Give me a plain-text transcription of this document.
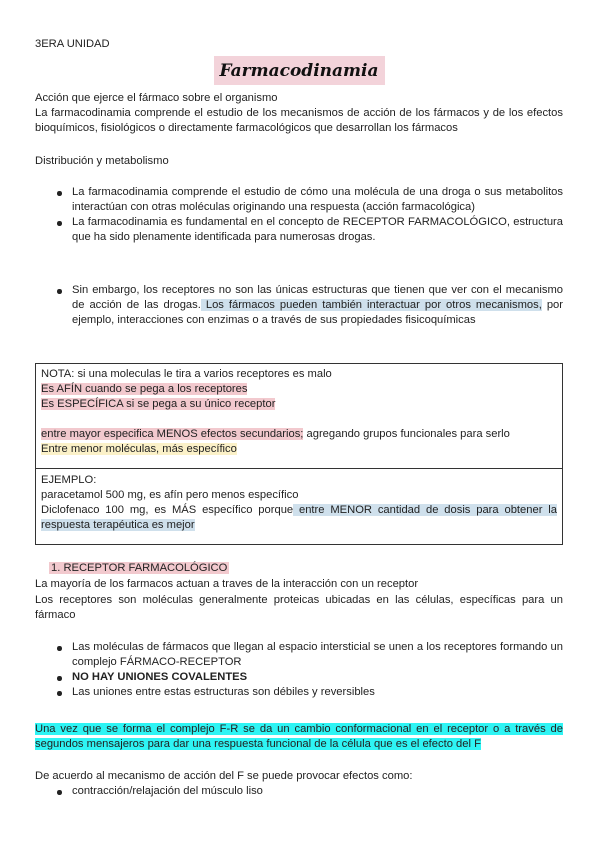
3ERA UNIDAD
Farmacodinamia
Acción que ejerce el fármaco sobre el organismo
La farmacodinamia comprende el estudio de los mecanismos de acción de los fármacos y de los efectos bioquímicos, fisiológicos o directamente farmacológicos que desarrollan los fármacos
Distribución y metabolismo
La farmacodinamia comprende el estudio de cómo una molécula de una droga o sus metabolitos interactúan con otras moléculas originando una respuesta (acción farmacológica)
La farmacodinamia es fundamental en el concepto de RECEPTOR FARMACOLÓGICO, estructura que ha sido plenamente identificada para numerosas drogas.
Sin embargo, los receptores no son las únicas estructuras que tienen que ver con el mecanismo de acción de las drogas. Los fármacos pueden también interactuar por otros mecanismos, por ejemplo, interacciones con enzimas o a través de sus propiedades fisicoquímicas
NOTA: si una moleculas le tira a varios receptores es malo
Es AFÍN cuando se pega a los receptores
Es ESPECÍFICA si se pega a su único receptor
entre mayor especifica MENOS efectos secundarios; agregando grupos funcionales para serlo
Entre menor moléculas, más específico
EJEMPLO:
paracetamol 500 mg, es afín pero menos específico
Diclofenaco 100 mg, es MÁS específico porque entre MENOR cantidad de dosis para obtener la respuesta terapéutica es mejor
1. RECEPTOR FARMACOLÓGICO
La mayoría de los farmacos actuan a traves de la interacción con un receptor
Los receptores son moléculas generalmente proteicas ubicadas en las células, específicas para un fármaco
Las moléculas de fármacos que llegan al espacio intersticial se unen a los receptores formando un complejo FÁRMACO-RECEPTOR
NO HAY UNIONES COVALENTES
Las uniones entre estas estructuras son débiles y reversibles
Una vez que se forma el complejo F-R se da un cambio conformacional en el receptor o a través de segundos mensajeros para dar una respuesta funcional de la célula que es el efecto del F
De acuerdo al mecanismo de acción del F se puede provocar efectos como:
contracción/relajación del músculo liso
